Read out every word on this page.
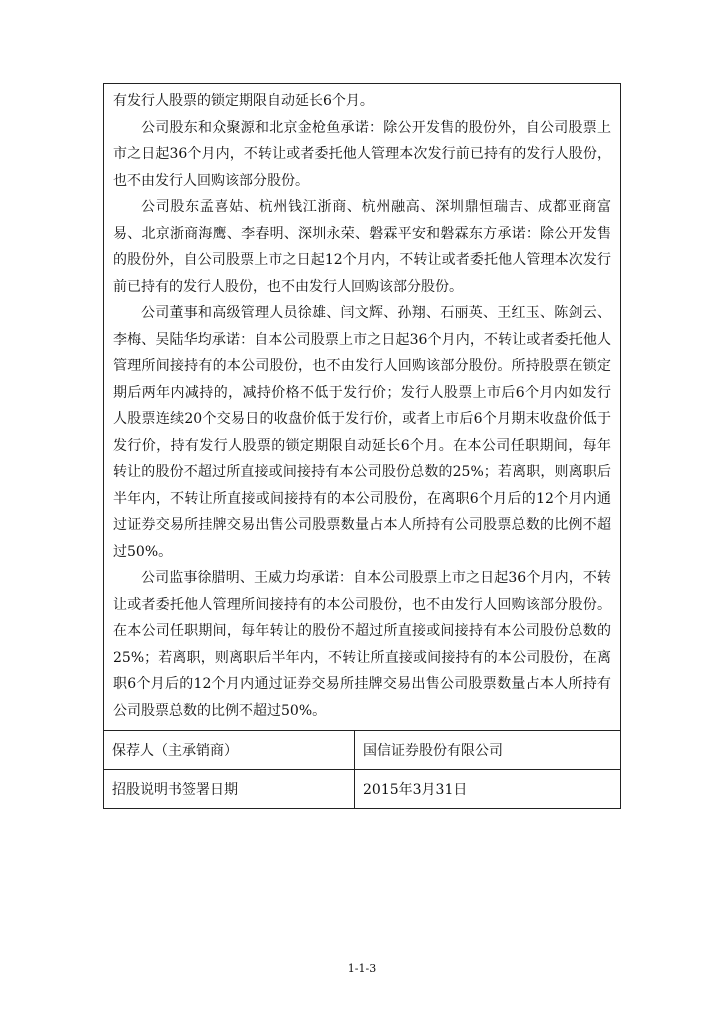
有发行人股票的锁定期限自动延长6个月。

公司股东和众聚源和北京金枪鱼承诺：除公开发售的股份外，自公司股票上市之日起36个月内，不转让或者委托他人管理本次发行前已持有的发行人股份，也不由发行人回购该部分股份。

公司股东孟喜姑、杭州钱江浙商、杭州融高、深圳鼎恒瑞吉、成都亚商富易、北京浙商海鹰、李春明、深圳永荣、磐霖平安和磐霖东方承诺：除公开发售的股份外，自公司股票上市之日起12个月内，不转让或者委托他人管理本次发行前已持有的发行人股份，也不由发行人回购该部分股份。

公司董事和高级管理人员徐雄、闫文辉、孙翔、石丽英、王红玉、陈剑云、李梅、吴陆华均承诺：自本公司股票上市之日起36个月内，不转让或者委托他人管理所间接持有的本公司股份，也不由发行人回购该部分股份。所持股票在锁定期后两年内减持的，减持价格不低于发行价；发行人股票上市后6个月内如发行人股票连续20个交易日的收盘价低于发行价，或者上市后6个月期末收盘价低于发行价，持有发行人股票的锁定期限自动延长6个月。在本公司任职期间，每年转让的股份不超过所直接或间接持有本公司股份总数的25%；若离职，则离职后半年内，不转让所直接或间接持有的本公司股份，在离职6个月后的12个月内通过证券交易所挂牌交易出售公司股票数量占本人所持有公司股票总数的比例不超过50%。

公司监事徐腊明、王威力均承诺：自本公司股票上市之日起36个月内，不转让或者委托他人管理所间接持有的本公司股份，也不由发行人回购该部分股份。在本公司任职期间，每年转让的股份不超过所直接或间接持有本公司股份总数的25%；若离职，则离职后半年内，不转让所直接或间接持有的本公司股份，在离职6个月后的12个月内通过证券交易所挂牌交易出售公司股票数量占本人所持有公司股票总数的比例不超过50%。

保荐人（主承销商）	国信证券股份有限公司
招股说明书签署日期	2015年3月31日
1-1-3
